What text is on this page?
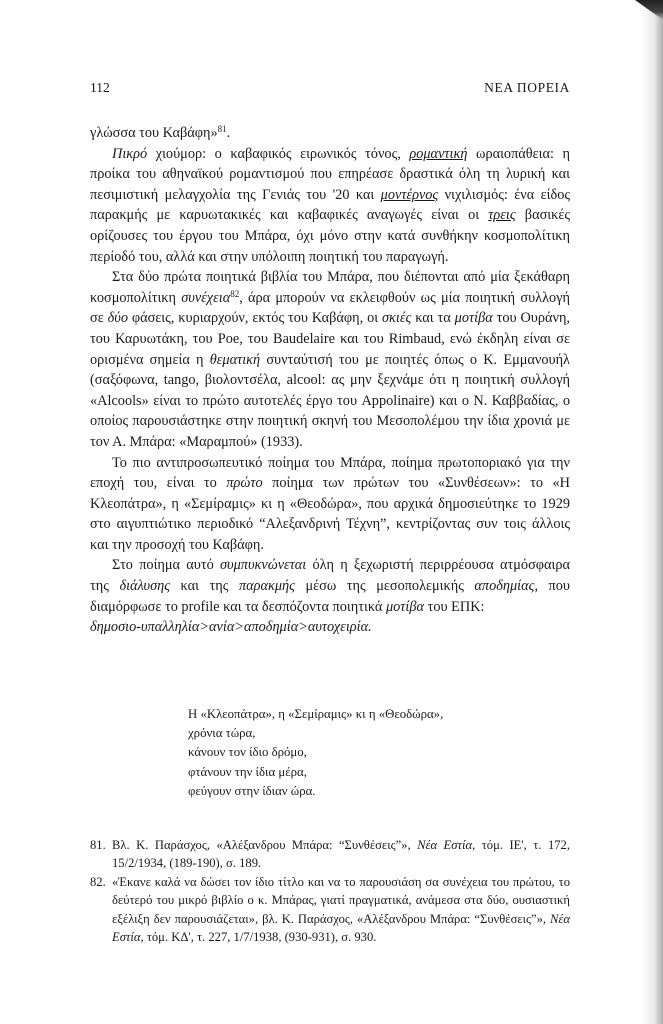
112	ΝΕΑ ΠΟΡΕΙΑ

γλώσσα του Καβάφη»$^{81}$.

Πικρό χιούμορ: ο καβαφικός ειρωνικός τόνος, ρομαντική ωραιοπάθεια: η προίκα του αθηναϊκού ρομαντισμού που επηρέασε δραστικά όλη τη λυρική και πεσιμιστική μελαγχολία της Γενιάς του '20 και μοντέρνος νιχιλισμός: ένα είδος παρακμής με καρυωτακικές και καβαφικές αναγωγές είναι οι τρεις βασικές ορίζουσες του έργου του Μπάρα, όχι μόνο στην κατά συνθήκην κοσμοπολίτικη περίοδό του, αλλά και στην υπόλοιπη ποιητική του παραγωγή.

Στα δύο πρώτα ποιητικά βιβλία του Μπάρα, που διέπονται από μία ξεκάθαρη κοσμοπολίτικη συνέχεια$^{82}$, άρα μπορούν να εκλειφθούν ως μία ποιητική συλλογή σε δύο φάσεις, κυριαρχούν, εκτός του Καβάφη, οι σκιές και τα μοτίβα του Ουράνη, του Καρυωτάκη, του Poe, του Baudelaire και του Rimbaud, ενώ έκδηλη είναι σε ορισμένα σημεία η θεματική συνταύτισή του με ποιητές όπως ο Κ. Εμμανουήλ (σαξόφωνα, tango, βιολοντσέλα, alcool: ας μην ξεχνάμε ότι η ποιητική συλλογή «Alcools» είναι το πρώτο αυτοτελές έργο του Appolinaire) και ο Ν. Καββαδίας, ο οποίος παρουσιάστηκε στην ποιητική σκηνή του Μεσοπολέμου την ίδια χρονιά με τον Α. Μπάρα: «Μαραμπού» (1933).

Το πιο αντιπροσωπευτικό ποίημα του Μπάρα, ποίημα πρωτοποριακό για την εποχή του, είναι το πρώτο ποίημα των πρώτων του «Συνθέσεων»: το «Η Κλεοπάτρα», η «Σεμίραμις» κι η «Θεοδώρα», που αρχικά δημοσιεύτηκε το 1929 στο αιγυπτιώτικο περιοδικό “Αλεξανδρινή Τέχνη”, κεντρίζοντας συν τοις άλλοις και την προσοχή του Καβάφη.

Στο ποίημα αυτό συμπυκνώνεται όλη η ξεχωριστή περιρρέουσα ατμόσφαιρα της διάλυσης και της παρακμής μέσω της μεσοπολεμικής αποδημίας, που διαμόρφωσε το profile και τα δεσπόζοντα ποιητικά μοτίβα του ΕΠΚ:

δημοσιο-υπαλληλία>ανία>αποδημία>αυτοχειρία.

Η «Κλεοπάτρα», η «Σεμίραμις» κι η «Θεοδώρα»,
χρόνια τώρα,
κάνουν τον ίδιο δρόμο,
φτάνουν την ίδια μέρα,
φεύγουν στην ίδιαν ώρα.
81. Βλ. Κ. Παράσχος, «Αλέξανδρου Μπάρα: “Συνθέσεις”», Νέα Εστία, τόμ. ΙΕ', τ. 172, 15/2/1934, (189-190), σ. 189.
82. «Έκανε καλά να δώσει τον ίδιο τίτλο και να το παρουσιάση σα συνέχεια του πρώτου, το δεύτερό του μικρό βιβλίο ο κ. Μπάρας, γιατί πραγματικά, ανάμεσα στα δύο, ουσιαστική εξέλιξη δεν παρουσιάζεται», βλ. Κ. Παράσχος, «Αλέξανδρου Μπάρα: “Συνθέσεις”», Νέα Εστία, τόμ. ΚΔ', τ. 227, 1/7/1938, (930-931), σ. 930.
